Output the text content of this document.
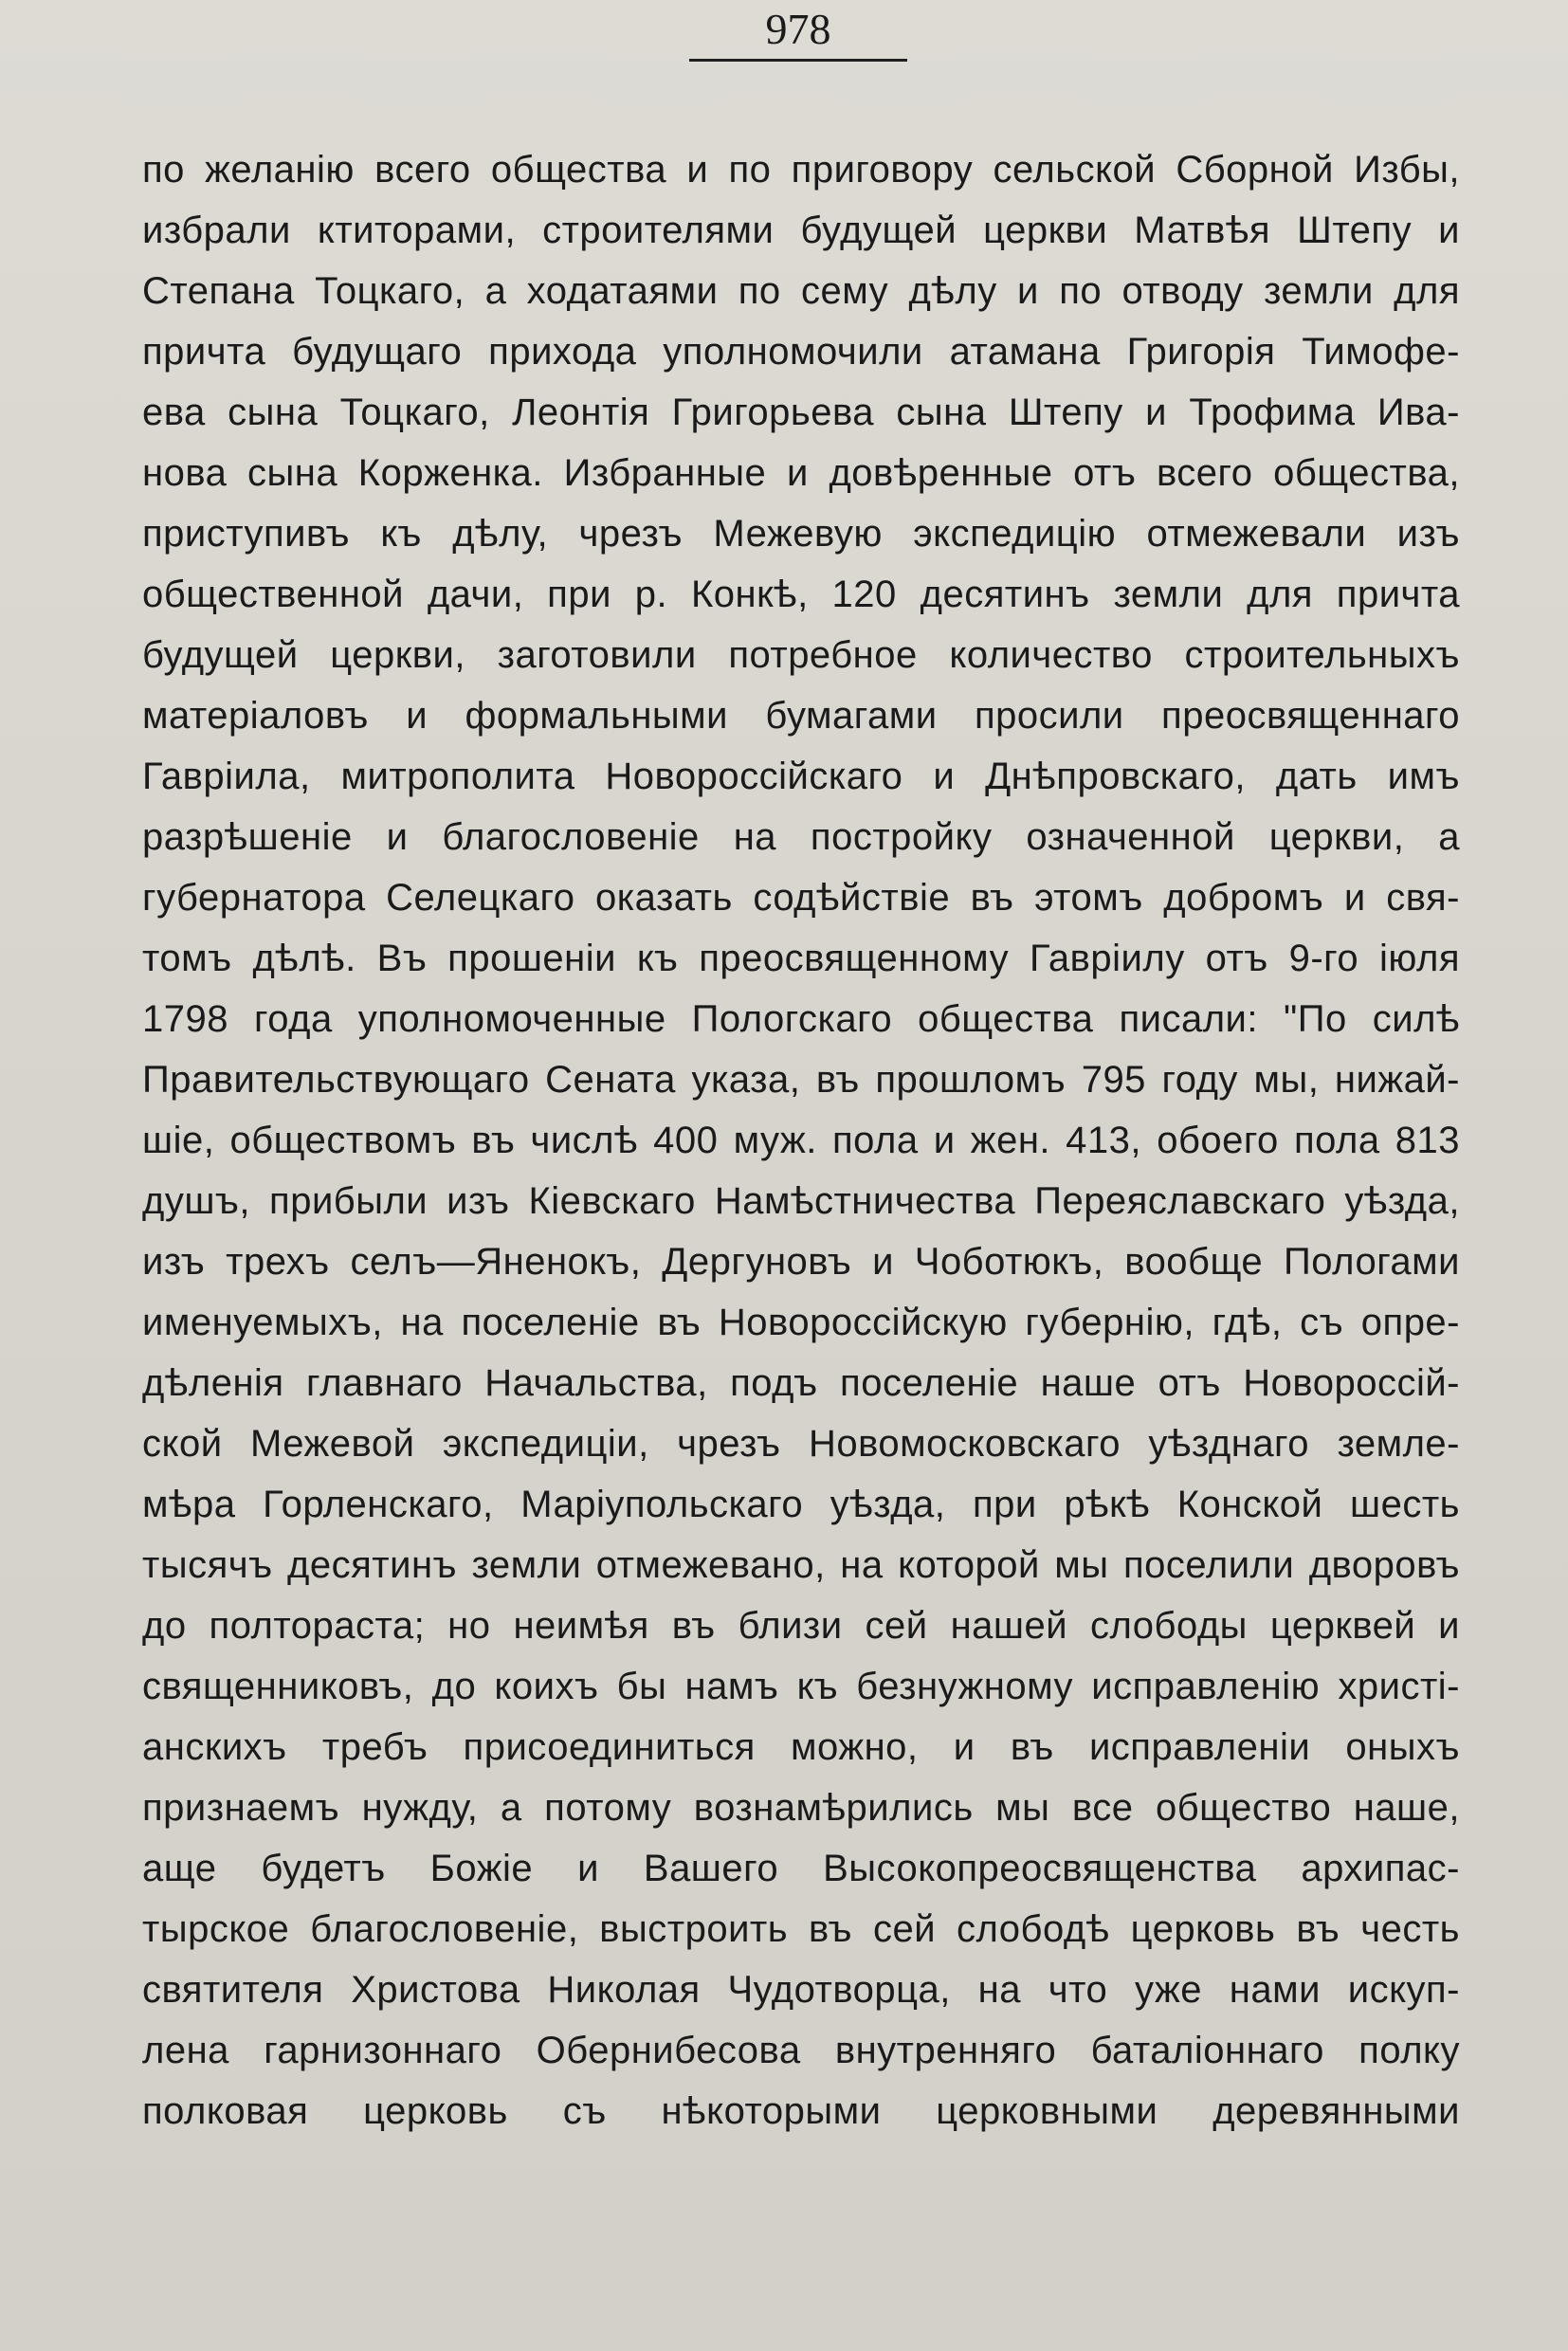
978
по желанію всего общества и по приговору сельской Сборной Избы,
избрали ктиторами, строителями будущей церкви Матвѣя Штепу и
Степана Тоцкаго, а ходатаями по сему дѣлу и по отводу земли для
причта будущаго прихода уполномочили атамана Григорія Тимофе-
ева сына Тоцкаго, Леонтія Григорьева сына Штепу и Трофима Ива-
нова сына Корженка. Избранные и довѣренные отъ всего общества,
приступивъ къ дѣлу, чрезъ Межевую экспедицію отмежевали изъ
общественной дачи, при р. Конкѣ, 120 десятинъ земли для причта
будущей церкви, заготовили потребное количество строительныхъ
матеріаловъ и формальными бумагами просили преосвященнаго
Гавріила, митрополита Новороссійскаго и Днѣпровскаго, дать имъ
разрѣшеніе и благословеніе на постройку означенной церкви, а
губернатора Селецкаго оказать содѣйствіе въ этомъ добромъ и свя-
томъ дѣлѣ. Въ прошеніи къ преосвященному Гавріилу отъ 9-го іюля
1798 года уполномоченные Пологскаго общества писали: "По силѣ
Правительствующаго Сената указа, въ прошломъ 795 году мы, нижай-
шіе, обществомъ въ числѣ 400 муж. пола и жен. 413, обоего пола 813
душъ, прибыли изъ Кіевскаго Намѣстничества Переяславскаго уѣзда,
изъ трехъ селъ—Яненокъ, Дергуновъ и Чоботюкъ, вообще Пологами
именуемыхъ, на поселеніе въ Новороссійскую губернію, гдѣ, съ опре-
дѣленія главнаго Начальства, подъ поселеніе наше отъ Новороссій-
ской Межевой экспедиціи, чрезъ Новомосковскаго уѣзднаго земле-
мѣра Горленскаго, Маріупольскаго уѣзда, при рѣкѣ Конской шесть
тысячъ десятинъ земли отмежевано, на которой мы поселили дворовъ
до полтораста; но неимѣя въ близи сей нашей слободы церквей и
священниковъ, до коихъ бы намъ къ безнужному исправленію христі-
анскихъ требъ присоединиться можно, и въ исправленіи оныхъ
признаемъ нужду, а потому вознамѣрились мы все общество наше,
аще будетъ Божіе и Вашего Высокопреосвященства архипас-
тырское благословеніе, выстроить въ сей слободѣ церковь въ честь
святителя Христова Николая Чудотворца, на что уже нами искуп-
лена гарнизоннаго Обернибесова внутренняго баталіоннаго полку
полковая церковь съ нѣкоторыми церковными деревянными
